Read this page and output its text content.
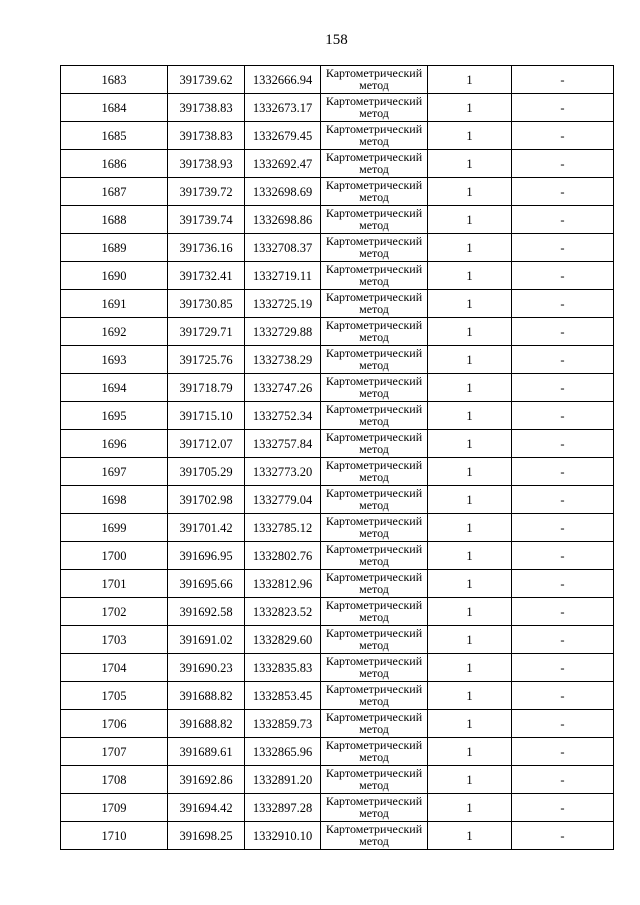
158
1683	391739.62	1332666.94	Картометрический
метод	1	-
1684	391738.83	1332673.17	Картометрический
метод	1	-
1685	391738.83	1332679.45	Картометрический
метод	1	-
1686	391738.93	1332692.47	Картометрический
метод	1	-
1687	391739.72	1332698.69	Картометрический
метод	1	-
1688	391739.74	1332698.86	Картометрический
метод	1	-
1689	391736.16	1332708.37	Картометрический
метод	1	-
1690	391732.41	1332719.11	Картометрический
метод	1	-
1691	391730.85	1332725.19	Картометрический
метод	1	-
1692	391729.71	1332729.88	Картометрический
метод	1	-
1693	391725.76	1332738.29	Картометрический
метод	1	-
1694	391718.79	1332747.26	Картометрический
метод	1	-
1695	391715.10	1332752.34	Картометрический
метод	1	-
1696	391712.07	1332757.84	Картометрический
метод	1	-
1697	391705.29	1332773.20	Картометрический
метод	1	-
1698	391702.98	1332779.04	Картометрический
метод	1	-
1699	391701.42	1332785.12	Картометрический
метод	1	-
1700	391696.95	1332802.76	Картометрический
метод	1	-
1701	391695.66	1332812.96	Картометрический
метод	1	-
1702	391692.58	1332823.52	Картометрический
метод	1	-
1703	391691.02	1332829.60	Картометрический
метод	1	-
1704	391690.23	1332835.83	Картометрический
метод	1	-
1705	391688.82	1332853.45	Картометрический
метод	1	-
1706	391688.82	1332859.73	Картометрический
метод	1	-
1707	391689.61	1332865.96	Картометрический
метод	1	-
1708	391692.86	1332891.20	Картометрический
метод	1	-
1709	391694.42	1332897.28	Картометрический
метод	1	-
1710	391698.25	1332910.10	Картометрический
метод	1	-
